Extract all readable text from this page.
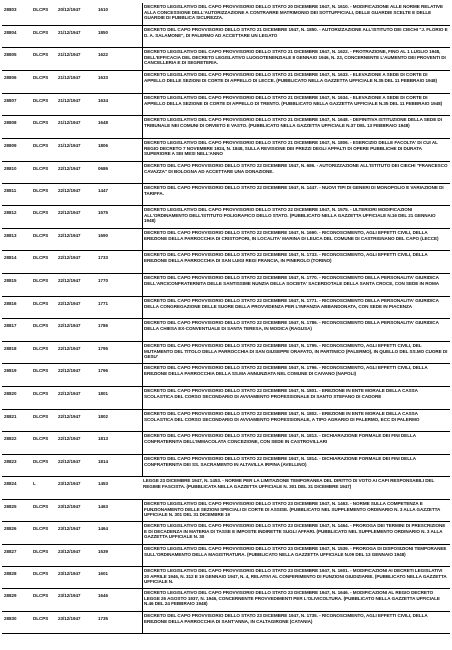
28803	DLCPS	20/12/1947	1610
DECRETO LEGISLATIVO DEL CAPO PROVVISORIO DELLO STATO 20 DICEMBRE 1947, N. 1610. - MODIFICAZIONE ALLE NORME RELATIVE ALLA CONCESSIONE DELL'AUTORIZZAZIONE A CONTRARRE MATRIMONIO DEI SOTTUFFICIALI, DELLE GUARDIE SCELTE E DELLE GUARDIE DI PUBBLICA SICUREZZA.
28804	DLCPS	21/12/1947	1850
DECRETO DEL CAPO PROVVISORIO DELLO STATO 21 DICEMBRE 1947, N. 1850. - AUTORIZZAZIONE ALL'ISTITUTO DEI CIECHI "J. FLORIO E D. A. SALAMONE", DI PALERMO AD ACCETTARE UN LEGATO
28805	DLCPS	21/12/1947	1622
DECRETO LEGISLATIVO DEL CAPO PROVVISORIO DELLO STATO 21 DICEMBRE 1947, N. 1622. - PROTRAZIONE, FINO AL 1 LUGLIO 1948, DELL'EFFICACIA DEL DECRETO LEGISLATIVO LUOGOTENENZIALE 8 GENNAIO 1946, N. 23, CONCERNENTE L'AUMENTO DEI PROVENTI DI CANCELLERIA E DI SEGRETERIA.
28806	DLCPS	21/12/1947	1633
DECRETO LEGISLATIVO DEL CAPO PROVVISORIO DELLO STATO 21 DICEMBRE 1947, N. 1633. - ELEVAZIONE A SEDE DI CORTE DI APPELLO DELLE SEZIONI DI CORTE DI APPELLO DI LECCE. (PUBBLICATO NELLA GAZZETTA UFFICIALE N.35 DEL 11 FEBBRAIO 1948)
28807	DLCPS	21/12/1947	1634
DECRETO LEGISLATIVO DEL CAPO PROVVISORIO DELLO STATO 21 DICEMBRE 1947, N. 1634. - ELEVAZIONE A SEDE DI CORTE DI APPELLO DELLA SEZIONE DI CORTE DI APPELLO DI TRENTO. (PUBBLICATO NELLA GAZZETTA UFFICIALE N.35 DEL 11 FEBBRAIO 1948)
28808	DLCPS	21/12/1947	1648
DECRETO LEGISLATIVO DEL CAPO PROVVISORIO DELLO STATO 21 DICEMBRE 1947, N. 1648. - DEFINITIVA ISTITUZIONE DELLA SEDE DI TRIBUNALE NEI COMUNI DI ORVIETO E VASTO. (PUBBLICATO NELLA GAZZETTA UFFICIALE N.37 DEL 13 FEBBRAIO 1948)
28809	DLCPS	21/12/1947	1806
DECRETO LEGISLATIVO DEL CAPO PROVVISORIO DELLO STATO 21 DICEMBRE 1947, N. 1806. - ESERCIZIO DELLE FACOLTA' DI CUI AL REGIO DECRETO 7 NOVEMBRE 1924, N. 1848, SULLA REVISIONE DEI PREZZI DEGLI APPALTI DI OPERE PUBBLICHE DI DURATA SUPERIORE A SEI MESI NELL'ANNO
28810	DLCPS	22/12/1947	0686
DECRETO DEL CAPO PROVVISORIO DELLO STATO 22 DICEMBRE 1947, N. 686. - AUTORIZZAZIONE ALL'ISTITUTO DEI CIECHI "FRANCESCO CAVAZZA" DI BOLOGNA AD ACCETTARE UNA DONAZIONE.
28811	DLCPS	22/12/1947	1447
DECRETO DEL CAPO PROVVISORIO DELLO STATO 22 DICEMBRE 1947, N. 1447. - NUOVI TIPI DI GENERI DI MONOPOLIO E VARIAZIONE DI TARIFFA.
28812	DLCPS	22/12/1947	1575
DECRETO LEGISLATIVO DEL CAPO PROVVISORIO DELLO STATO 22 DICEMBRE 1947, N. 1575. - ULTERIORI MODIFICAZIONI ALL'ORDINAMENTO DELL'ISTITUTO POLIGRAFICO DELLO STATO. (PUBBLICATO NELLA GAZZETTA UFFICIALE N.16 DEL 21 GENNAIO 1948)
28813	DLCPS	22/12/1947	1690
DECRETO DEL CAPO PROVVISORIO DELLO STATO 22 DICEMBRE 1947, N. 1690. - RICONOSCIMENTO, AGLI EFFETTI CIVILI, DELLA EREZIONE DELLA PARROCCHIA DI CRISTOFORI, IN LOCALITA' MARINA DI LEUCA DEL COMUNE DI CASTRIGNANO DEL CAPO (LECCE)
28814	DLCPS	22/12/1947	1733
DECRETO DEL CAPO PROVVISORIO DELLO STATO 22 DICEMBRE 1947, N. 1733. - RICONOSCIMENTO, AGLI EFFETTI CIVILI, DELLA EREZIONE DELLA PARROCCHIA DI SAN LUIGI REGI FRANCIA, IN PINEROLO (TORINO)
28815	DLCPS	22/12/1947	1770
DECRETO DEL CAPO PROVVISORIO DELLO STATO 22 DICEMBRE 1947, N. 1770. - RICONOSCIMENTO DELLA PERSONALITA' GIURIDICA DELL'ARCICONFRATERNITA DELLE SANTISSIME NUNZIA DELLA SOCIETA' SACERDOTALE DELLA SANTA CROCE, CON SEDE IN ROMA
28816	DLCPS	22/12/1947	1771
DECRETO DEL CAPO PROVVISORIO DELLO STATO 22 DICEMBRE 1947, N. 1771. - RICONOSCIMENTO DELLA PERSONALITA' GIURIDICA DELLA CONGREGAZIONE DELLE SUORE DELLA PROVVIDENZA PER L'INFANZIA ABBANDONATA, CON SEDE IN PIACENZA
28817	DLCPS	22/12/1947	1786
DECRETO DEL CAPO PROVVISORIO DELLO STATO 22 DICEMBRE 1947, N. 1786. - RICONOSCIMENTO DELLA PERSONALITA' GIURIDICA DELLA CHIESA EX-CONVENTUALE DI SANTA TERESA, IN MODICA (RAGUSA)
28818	DLCPS	22/12/1947	1795
DECRETO DEL CAPO PROVVISORIO DELLO STATO 22 DICEMBRE 1947, N. 1795. - RICONOSCIMENTO, AGLI EFFETTI CIVILI, DEL MUTAMENTO DEL TITOLO DELLA PARROCCHIA DI SAN GIUSEPPE ORAFATO, IN PARTINICO (PALERMO), IN QUELLO DEL SS.MO CUORE DI GESU'
28819	DLCPS	22/12/1947	1796
DECRETO DEL CAPO PROVVISORIO DELLO STATO 22 DICEMBRE 1947, N. 1796. - RICONOSCIMENTO, AGLI EFFETTI CIVILI, DELLA EREZIONE DELLA PARROCCHIA DELLA SS.MA ANNUNZIATA NEL COMUNE DI CAIVANO (NAPOLI)
28820	DLCPS	22/12/1947	1801
DECRETO DEL CAPO PROVVISORIO DELLO STATO 22 DICEMBRE 1947, N. 1801. - EREZIONE IN ENTE MORALE DELLA CASSA SCOLASTICA DEL CORSO SECONDARIO DI AVVIAMENTO PROFESSIONALE DI SANTO STEFANO DI CADORE
28821	DLCPS	22/12/1947	1802
DECRETO DEL CAPO PROVVISORIO DELLO STATO 22 DICEMBRE 1947, N. 1802. - EREZIONE IN ENTE MORALE DELLA CASSA SCOLASTICA DEL CORSO SECONDARIO DI AVVIAMENTO PROFESSIONALE, A TIPO AGRARIO DI PALERMO, ECC DI PALERMO
28822	DLCPS	22/12/1947	1813
DECRETO DEL CAPO PROVVISORIO DELLO STATO 22 DICEMBRE 1947, N. 1813. - DICHIARAZIONE FORMALE DEI FINI DELLA CONFRATERNITA DELL'IMMACOLATA CONCEZIONE, CON SEDE IN CASTROVILLARI
28823	DLCPS	22/12/1947	1814
DECRETO DEL CAPO PROVVISORIO DELLO STATO 22 DICEMBRE 1947, N. 1814. - DICHIARAZIONE FORMALE DEI FINI DELLA CONFRATERNITA DEI SS. SACRAMENTO IN ALTAVILLA IRPINA (AVELLINO)
28824	L	23/12/1947	1453
LEGGE 23 DICEMBRE 1947, N. 1453. - NORME PER LA LIMITAZIONE TEMPORANEA DEL DIRITTO DI VOTO AI CAPI RESPONSABILI DEL REGIME FASCISTA. (PUBBLICATA NELLA GAZZETTA UFFICIALE N. 301 DEL 31 DICEMBRE 1947)
28825	DLCPS	23/12/1947	1463
DECRETO LEGISLATIVO DEL CAPO PROVVISORIO DELLO STATO 23 DICEMBRE 1947, N. 1463. - NORME SULLA COMPETENZA E FUNZIONAMENTO DELLE SEZIONI SPECIALI DI CORTE DI ASSISE. (PUBBLICATO NEL SUPPLEMENTO ORDINARIO N. 3 ALLA GAZZETTA UFFICIALE N. 301 DEL 31 DICEMBRE 19
28826	DLCPS	23/12/1947	1464
DECRETO LEGISLATIVO DEL CAPO PROVVISORIO DELLO STATO 23 DICEMBRE 1947, N. 1464. - PROROGA DEI TERMINI DI PRESCRIZIONE E DI DECADENZA IN MATERIA DI TASSE E IMPOSTE INDIRETTE SUGLI AFFARI. (PUBBLICATO NEL SUPPLEMENTO ORDINARIO N. 3 ALLA GAZZETTA UFFICIALE N. 30
28827	DLCPS	23/12/1947	1539
DECRETO LEGISLATIVO DEL CAPO PROVVISORIO DELLO STATO 23 DICEMBRE 1947, N. 1539. - PROROGA DI DISPOSIZIONI TEMPORANEE SULL'ORDINAMENTO DELLA MAGISTRATURA. (PUBBLICATO NELLA GAZZETTA UFFICIALE N.09 DEL 13 GENNAIO 1948)
28828	DLCPS	23/12/1947	1601
DECRETO LEGISLATIVO DEL CAPO PROVVISORIO DELLO STATO 23 DICEMBRE 1947, N. 1601. - MODIFICAZIONI AI DECRETI LEGISLATIVI 20 APRILE 1946, N. 312 E 19 GENNAIO 1947, N. 4, RELATIVI AL CONFERIMENTO DI FUNZIONI GIUDIZIARIE. (PUBBLICATO NELLA GAZZETTA UFFICIALE N.
28829	DLCPS	23/12/1947	1646
DECRETO LEGISLATIVO DEL CAPO PROVVISORIO DELLO STATO 23 DICEMBRE 1947, N. 1646. - MODIFICAZIONI AL REGIO DECRETO LEGGE 26 AGOSTO 1937, N. 1946, CONCERNENTE PROVVEDIMENTI PER L'OLIVICOLTURA. (PUBBLICATO NELLA GAZZETTA UFFICIALE N.46 DEL 24 FEBBRAIO 1948)
28830	DLCPS	23/12/1947	1735
DECRETO DEL CAPO PROVVISORIO DELLO STATO 23 DICEMBRE 1947, N. 1735. - RICONOSCIMENTO, AGLI EFFETTI CIVILI, DELLA EREZIONE DELLA PARROCCHIA DI SANT'ANNA, IN CALTAGIRONE (CATANIA)
